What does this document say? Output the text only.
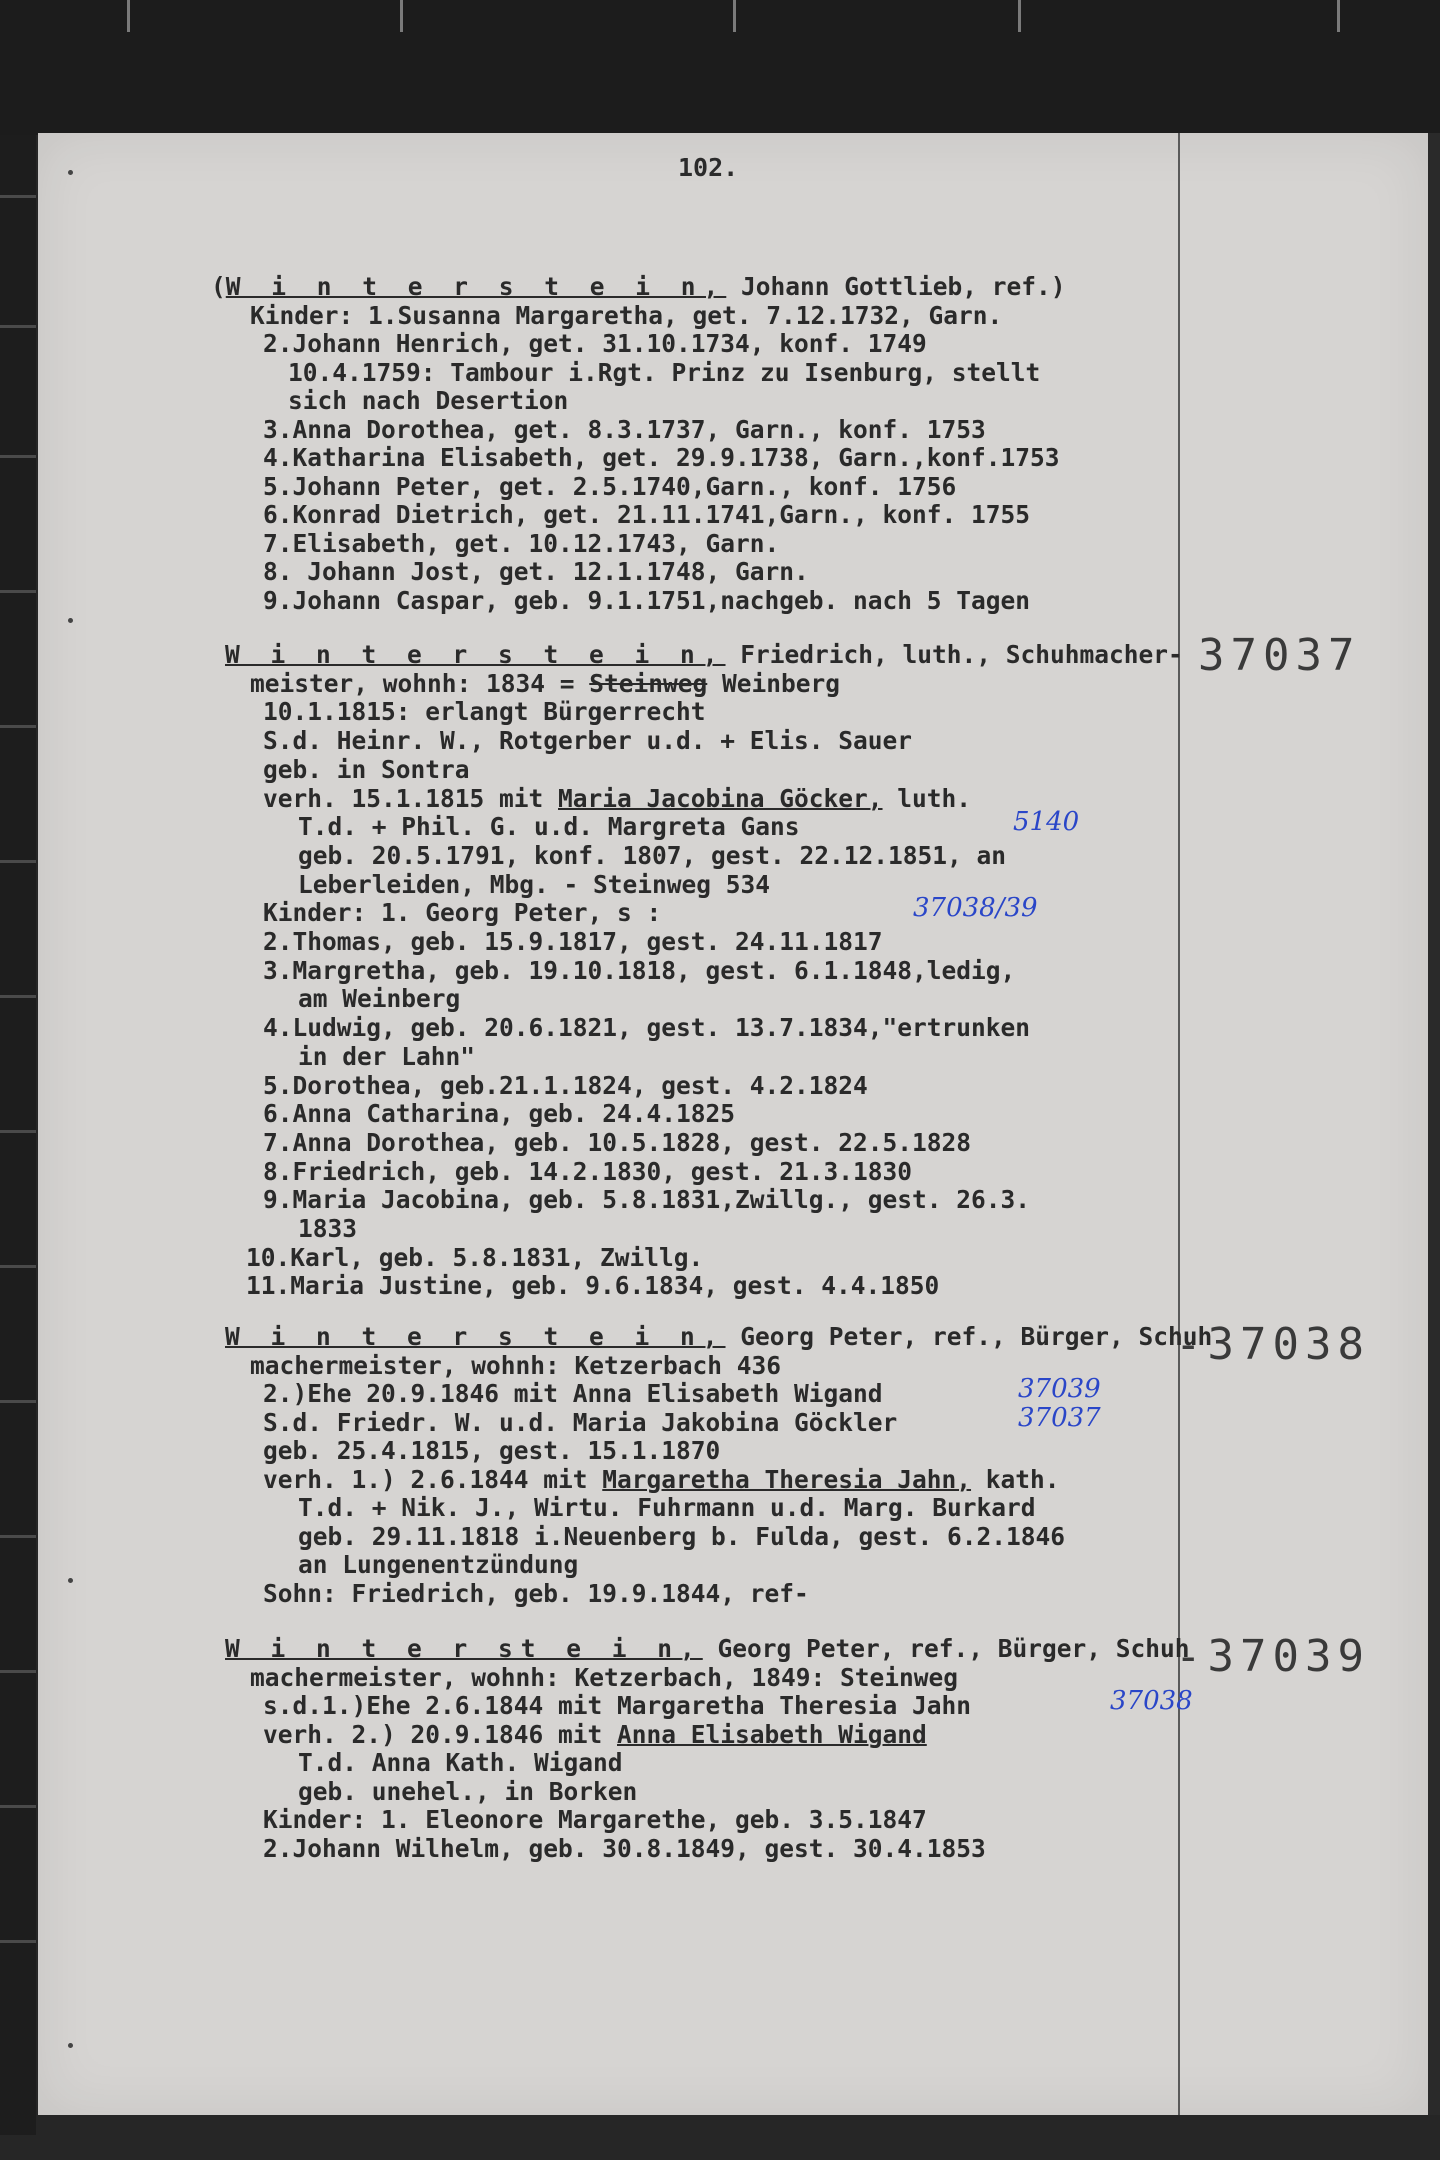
102.
(W i n t e r s t e i n, Johann Gottlieb, ref.)
Kinder: 1.Susanna Margaretha, get. 7.12.1732, Garn.
2.Johann Henrich, get. 31.10.1734, konf. 1749
10.4.1759: Tambour i.Rgt. Prinz zu Isenburg, stellt
sich nach Desertion
3.Anna Dorothea, get. 8.3.1737, Garn., konf. 1753
4.Katharina Elisabeth, get. 29.9.1738, Garn.,konf.1753
5.Johann Peter, get. 2.5.1740,Garn., konf. 1756
6.Konrad Dietrich, get. 21.11.1741,Garn., konf. 1755
7.Elisabeth, get. 10.12.1743, Garn.
8. Johann Jost, get. 12.1.1748, Garn.
9.Johann Caspar, geb. 9.1.1751,nachgeb. nach 5 Tagen
W i n t e r s t e i n, Friedrich, luth., Schuhmacher-
meister, wohnh: 1834 = Steinweg Weinberg
10.1.1815: erlangt Bürgerrecht
S.d. Heinr. W., Rotgerber u.d. + Elis. Sauer
geb. in Sontra
verh. 15.1.1815 mit Maria Jacobina Göcker, luth.
T.d. + Phil. G. u.d. Margreta Gans	5140
geb. 20.5.1791, konf. 1807, gest. 22.12.1851, an
Leberleiden, Mbg. - Steinweg 534
Kinder: 1. Georg Peter, s :	37038/39
2.Thomas, geb. 15.9.1817, gest. 24.11.1817
3.Margretha, geb. 19.10.1818, gest. 6.1.1848,ledig,
am Weinberg
4.Ludwig, geb. 20.6.1821, gest. 13.7.1834,"ertrunken
in der Lahn"
5.Dorothea, geb.21.1.1824, gest. 4.2.1824
6.Anna Catharina, geb. 24.4.1825
7.Anna Dorothea, geb. 10.5.1828, gest. 22.5.1828
8.Friedrich, geb. 14.2.1830, gest. 21.3.1830
9.Maria Jacobina, geb. 5.8.1831,Zwillg., gest. 26.3.
1833
10.Karl, geb. 5.8.1831, Zwillg.
11.Maria Justine, geb. 9.6.1834, gest. 4.4.1850
37037
W i n t e r s t e i n, Georg Peter, ref., Bürger, Schuh
machermeister, wohnh: Ketzerbach 436
2.)Ehe 20.9.1846 mit Anna Elisabeth Wigand	37039
S.d. Friedr. W. u.d. Maria Jakobina Göckler	37037
geb. 25.4.1815, gest. 15.1.1870
verh. 1.) 2.6.1844 mit Margaretha Theresia Jahn, kath.
T.d. + Nik. J., Wirtu. Fuhrmann u.d. Marg. Burkard
geb. 29.11.1818 i.Neuenberg b. Fulda, gest. 6.2.1846
an Lungenentzündung
Sohn: Friedrich, geb. 19.9.1844, ref-
-37038
W i n t e r st e i n, Georg Peter, ref., Bürger, Schuh
machermeister, wohnh: Ketzerbach, 1849: Steinweg
s.d.1.)Ehe 2.6.1844 mit Margaretha Theresia Jahn	37038
verh. 2.) 20.9.1846 mit Anna Elisabeth Wigand
T.d. Anna Kath. Wigand
geb. unehel., in Borken
Kinder: 1. Eleonore Margarethe, geb. 3.5.1847
2.Johann Wilhelm, geb. 30.8.1849, gest. 30.4.1853
-37039
